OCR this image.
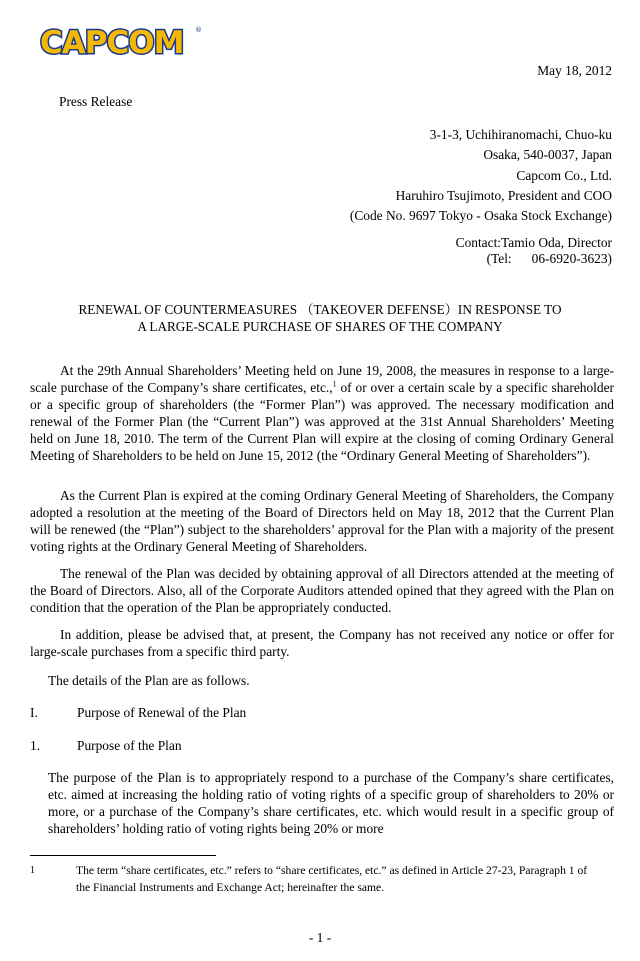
CAPCOM ®
May 18, 2012
Press Release
3-1-3, Uchihiranomachi, Chuo-ku
Osaka, 540-0037, Japan
Capcom Co., Ltd.
Haruhiro Tsujimoto, President and COO
(Code No. 9697 Tokyo - Osaka Stock Exchange)
Contact:Tamio Oda, Director
(Tel: 06-6920-3623)
RENEWAL OF COUNTERMEASURES （TAKEOVER DEFENSE）IN RESPONSE TO
A LARGE-SCALE PURCHASE OF SHARES OF THE COMPANY
At the 29th Annual Shareholders’ Meeting held on June 19, 2008, the measures in response to a large-scale purchase of the Company’s share certificates, etc.,$^1$ of or over a certain scale by a specific shareholder or a specific group of shareholders (the “Former Plan”) was approved. The necessary modification and renewal of the Former Plan (the “Current Plan”) was approved at the 31st Annual Shareholders’ Meeting held on June 18, 2010. The term of the Current Plan will expire at the closing of coming Ordinary General Meeting of Shareholders to be held on June 15, 2012 (the “Ordinary General Meeting of Shareholders”).
As the Current Plan is expired at the coming Ordinary General Meeting of Shareholders, the Company adopted a resolution at the meeting of the Board of Directors held on May 18, 2012 that the Current Plan will be renewed (the “Plan”) subject to the shareholders’ approval for the Plan with a majority of the present voting rights at the Ordinary General Meeting of Shareholders.
The renewal of the Plan was decided by obtaining approval of all Directors attended at the meeting of the Board of Directors. Also, all of the Corporate Auditors attended opined that they agreed with the Plan on condition that the operation of the Plan be appropriately conducted.
In addition, please be advised that, at present, the Company has not received any notice or offer for large-scale purchases from a specific third party.
The details of the Plan are as follows.
I.	Purpose of Renewal of the Plan
1.	Purpose of the Plan
The purpose of the Plan is to appropriately respond to a purchase of the Company’s share certificates, etc. aimed at increasing the holding ratio of voting rights of a specific group of shareholders to 20% or more, or a purchase of the Company’s share certificates, etc. which would result in a specific group of shareholders’ holding ratio of voting rights being 20% or more
1	The term “share certificates, etc.” refers to “share certificates, etc.” as defined in Article 27-23, Paragraph 1 of the Financial Instruments and Exchange Act; hereinafter the same.
- 1 -
